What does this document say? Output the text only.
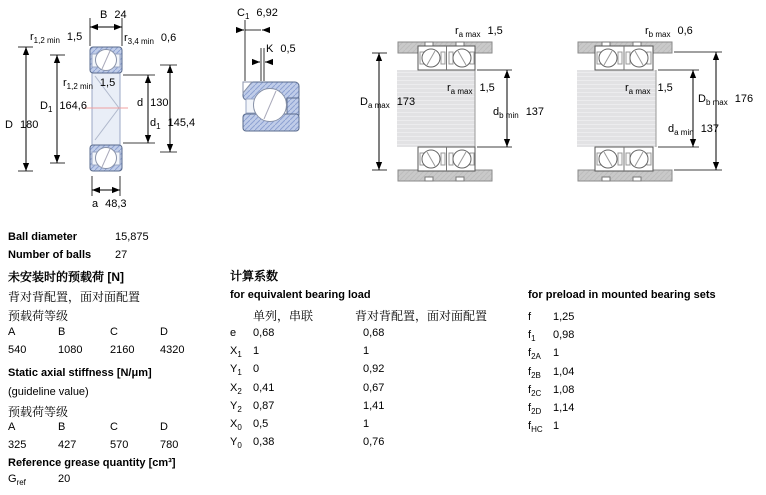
B 24
$r_{1,2 min}$ 1,5	$r_{3,4 min}$ 0,6
$r_{1,2 min}$ 1,5
$D_1$ 164,6
D 180
d 130
$d_1$ 145,4
a 48,3
$C_1$ 6,92
K 0,5
$r_{a max}$ 1,5
$D_{a max}$ 173
$r_{a max}$ 1,5
$d_{b min}$ 137
$r_{b max}$ 0,6
$r_{a max}$ 1,5
$D_{b max}$ 176
$d_{a min}$ 137
Ball diameter	15,875
Number of balls 27
未安装时的预载荷 [N]
背对背配置，面对面配置
预载荷等级
A	B	C	D
540	1080	2160 4320
Static axial stiffness [N/μm]
(guideline value)
预载荷等级
A	B	C	D
325	427	570	780
Reference grease quantity [cm³]
$G_{ref}$	20
计算系数
for equivalent bearing load
单列，串联	背对背配置，面对面配置
e 0,68	0,68
$X_1$ 1	1
$Y_1$ 0	0,92
$X_2$ 0,41	0,67
$Y_2$ 0,87	1,41
$X_0$ 0,5	1
$Y_0$ 0,38	0,76
for preload in mounted bearing sets
f 1,25
$f_1$ 0,98
$f_{2A}$ 1
$f_{2B}$ 1,04
$f_{2C}$ 1,08
$f_{2D}$ 1,14
$f_{HC}$ 1
